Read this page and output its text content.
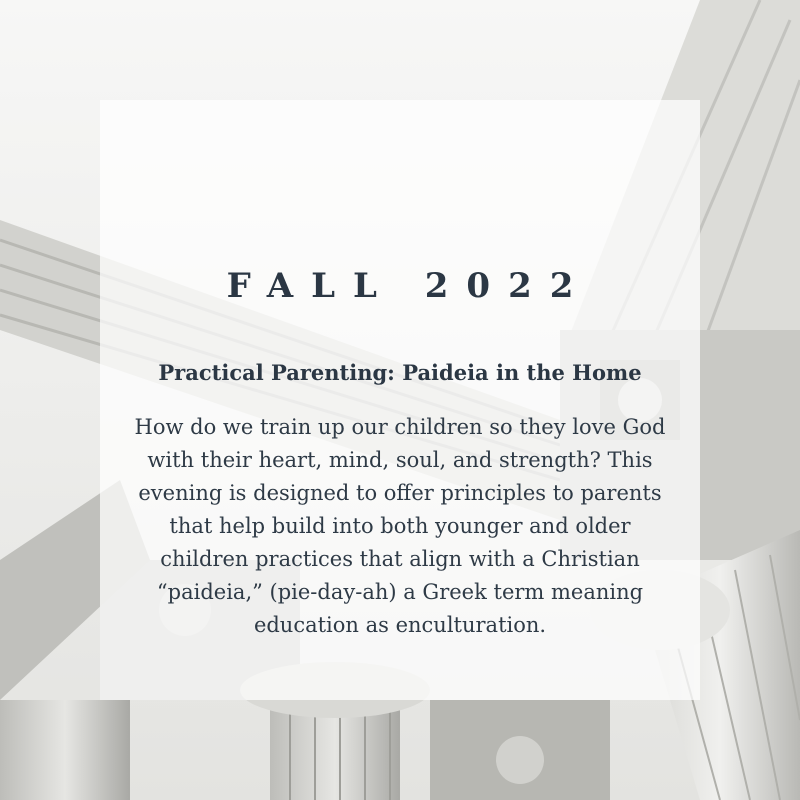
FALL 2022
Practical Parenting: Paideia in the Home

How do we train up our children so they love God with their heart, mind, soul, and strength? This evening is designed to offer principles to parents that help build into both younger and older children practices that align with a Christian “paideia,” (pie-day-ah) a Greek term meaning education as enculturation.
